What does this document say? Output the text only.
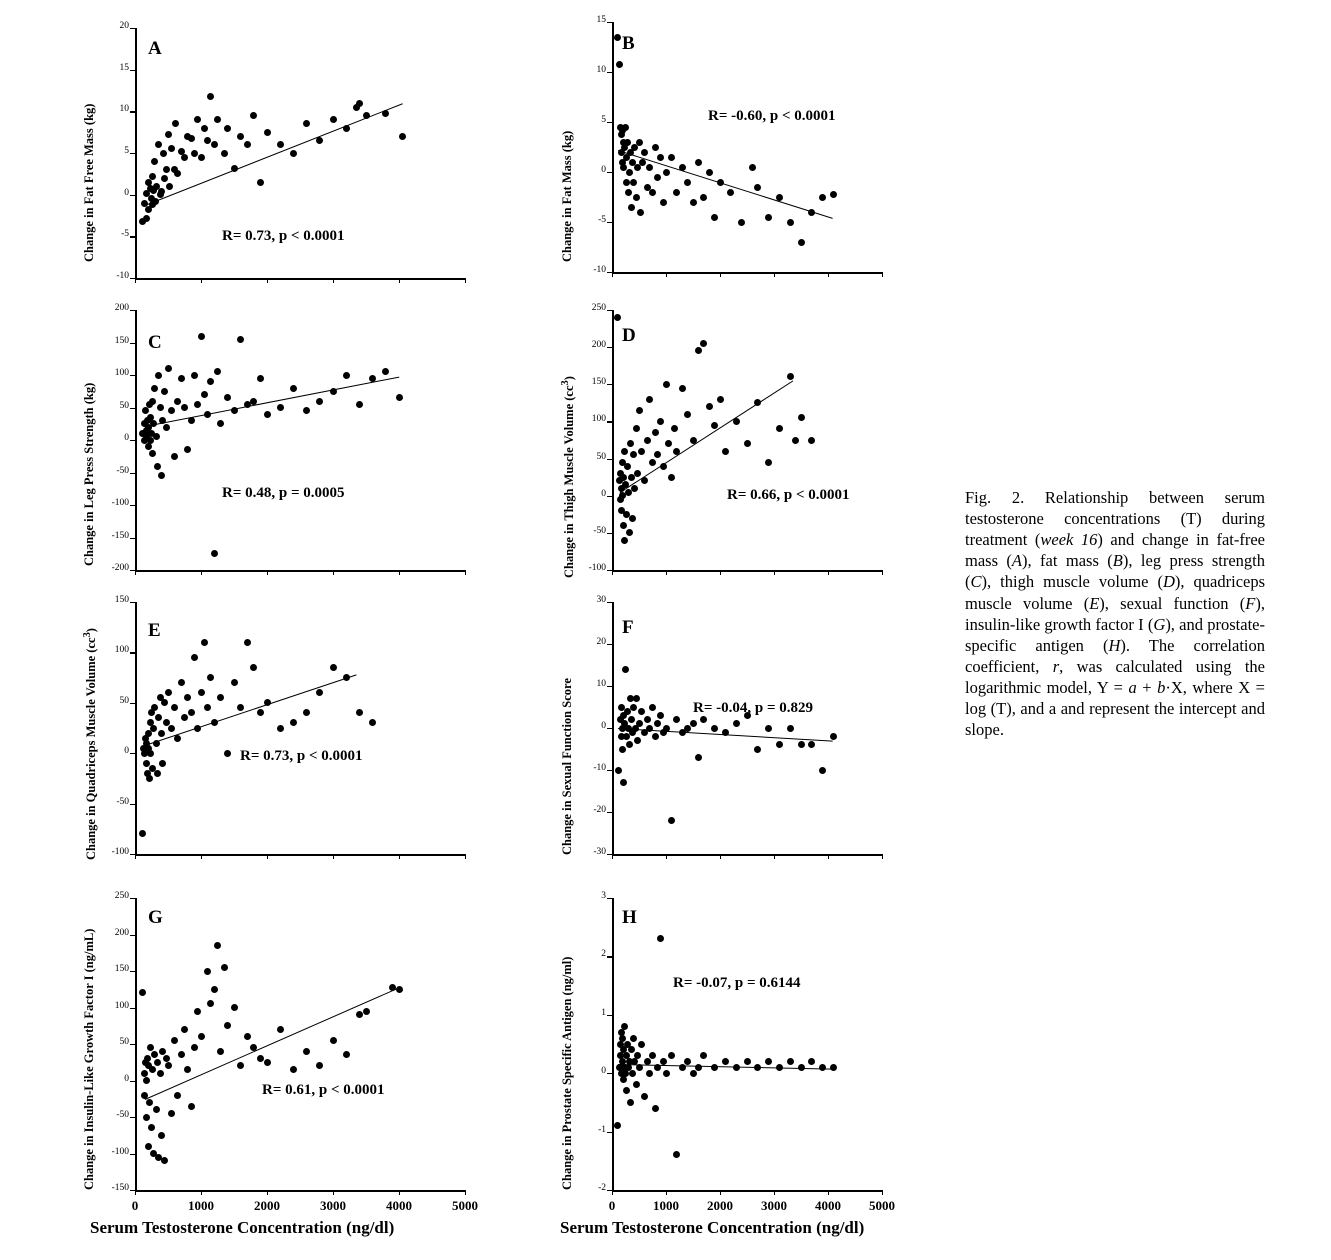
-10
-5
0
5
10
15
20
A
R= 0.73, p < 0.0001
Change in Fat Free Mass (kg)
-10
-5
0
5
10
15
B
R= -0.60, p < 0.0001
Change in Fat Mass (kg)
-200
-150
-100
-50
0
50
100
150
200
C
R= 0.48, p = 0.0005
Change in Leg Press Strength (kg)
-100
-50
0
50
100
150
200
250
D
R= 0.66, p < 0.0001
Change in Thigh Muscle Volume $(cc^3)$
-100
-50
0
50
100
150
E
R= 0.73, p < 0.0001
Change in Quadriceps Muscle Volume $(cc^3)$
-30
-20
-10
0
10
20
30
F
R= -0.04, p = 0.829
Change in Sexual Function Score
-150
-100
-50
0
50
100
150
200
250
0	1000	2000	3000	4000	5000
G
R= 0.61, p < 0.0001
Change in Insulin-Like Growth Factor I (ng/mL)	-2
-1
0
1
2
3
0	1000	2000	3000	4000	5000
H
R= -0.07, p = 0.6144
Change in Prostate Specific Antigen (ng/ml)
Serum Testosterone Concentration (ng/dl)	Serum Testosterone Concentration (ng/dl)
Fig. 2. Relationship between serum testosterone concentrations (T) during treatment (week 16) and change in fat-free mass (A), fat mass (B), leg press strength (C), thigh muscle volume (D), quadriceps muscle volume (E), sexual function (F), insulin-like growth factor I (G), and prostate-specific antigen (H). The correlation coefficient, r, was calculated using the logarithmic model, Y = a + b·X, where X = log (T), and a and represent the intercept and slope.
